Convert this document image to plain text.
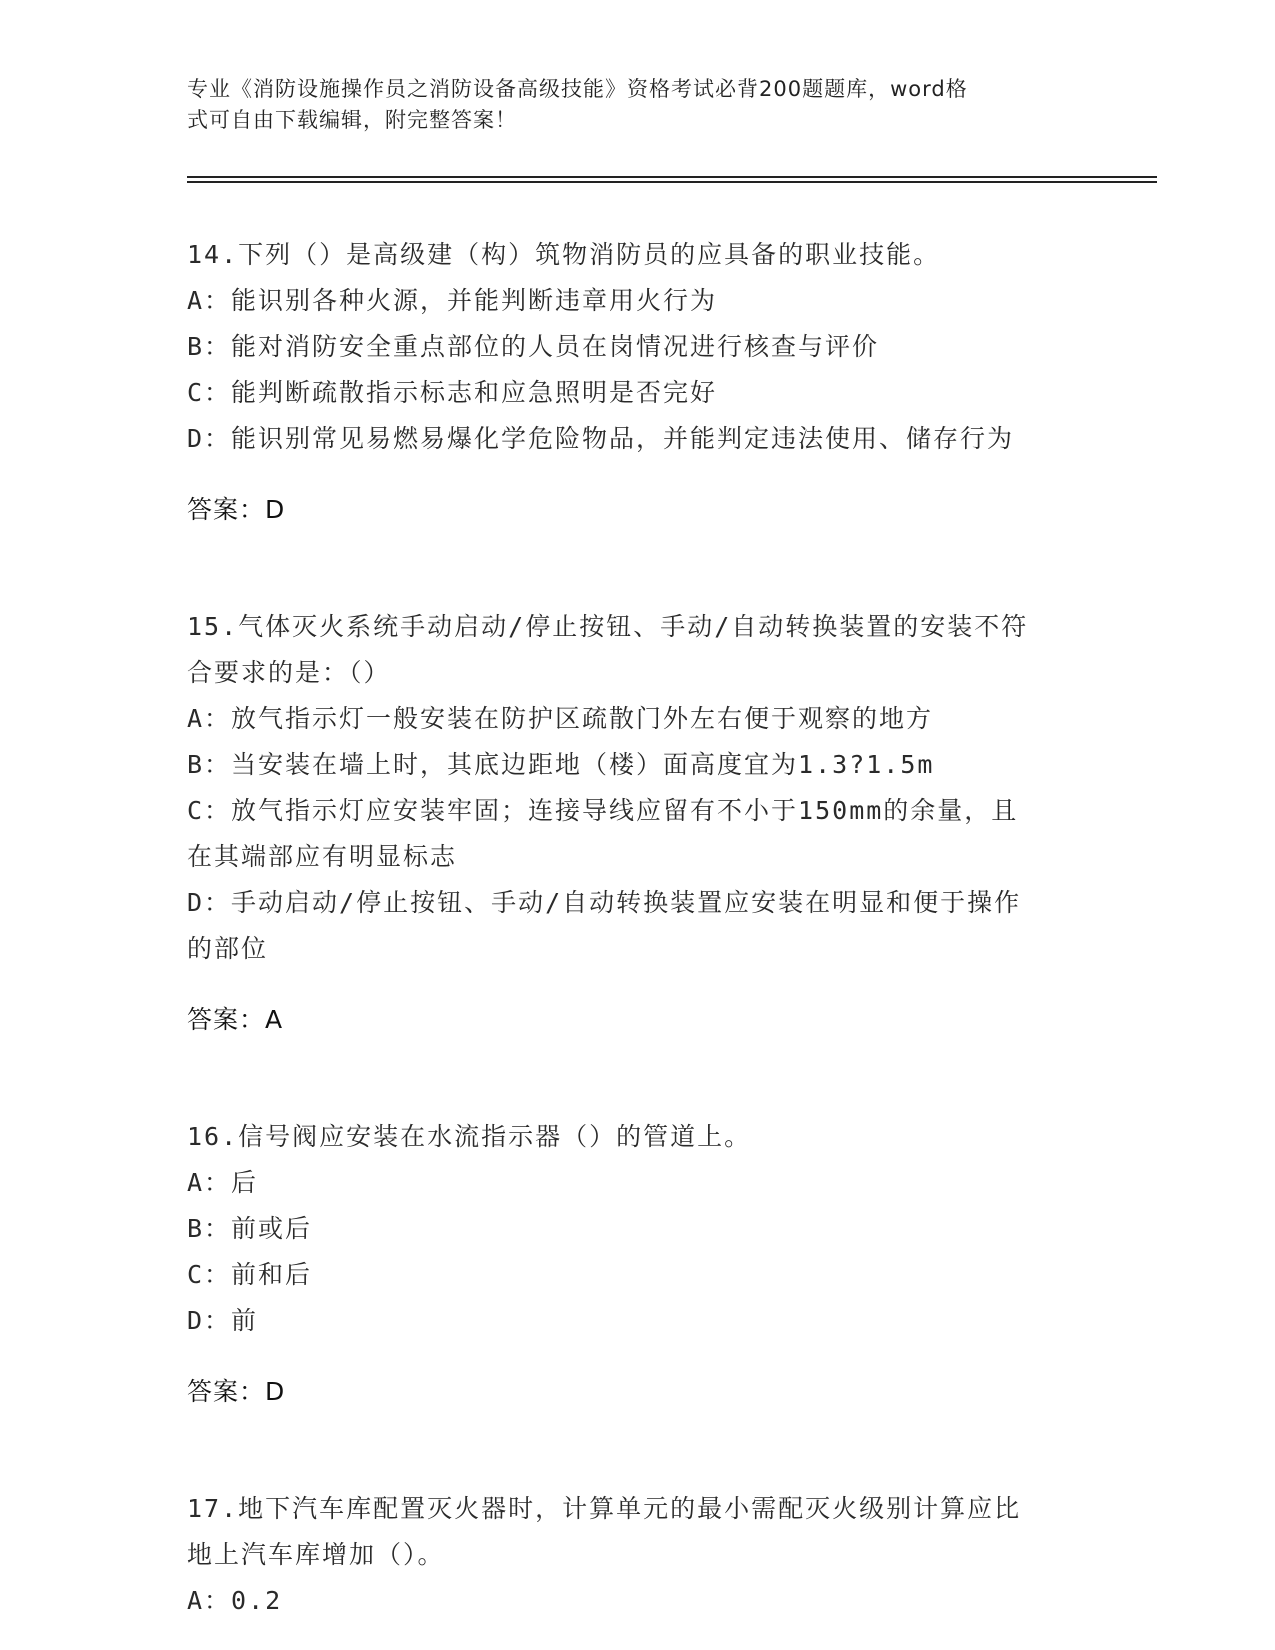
专业《消防设施操作员之消防设备高级技能》资格考试必背200题题库，word格
式可自由下载编辑，附完整答案！

14.下列（）是高级建（构）筑物消防员的应具备的职业技能。

A：能识别各种火源，并能判断违章用火行为

B：能对消防安全重点部位的人员在岗情况进行核查与评价

C：能判断疏散指示标志和应急照明是否完好

D：能识别常见易燃易爆化学危险物品，并能判定违法使用、储存行为

答案：D

15.气体灭火系统手动启动/停止按钮、手动/自动转换装置的安装不符

合要求的是：（）

A：放气指示灯一般安装在防护区疏散门外左右便于观察的地方

B：当安装在墙上时，其底边距地（楼）面高度宜为1.3?1.5m

C：放气指示灯应安装牢固；连接导线应留有不小于150mm的余量，且

在其端部应有明显标志

D：手动启动/停止按钮、手动/自动转换装置应安装在明显和便于操作

的部位

答案：A

16.信号阀应安装在水流指示器（）的管道上。

A：后

B：前或后

C：前和后

D：前

答案：D

17.地下汽车库配置灭火器时，计算单元的最小需配灭火级别计算应比

地上汽车库增加（）。

A：0.2
